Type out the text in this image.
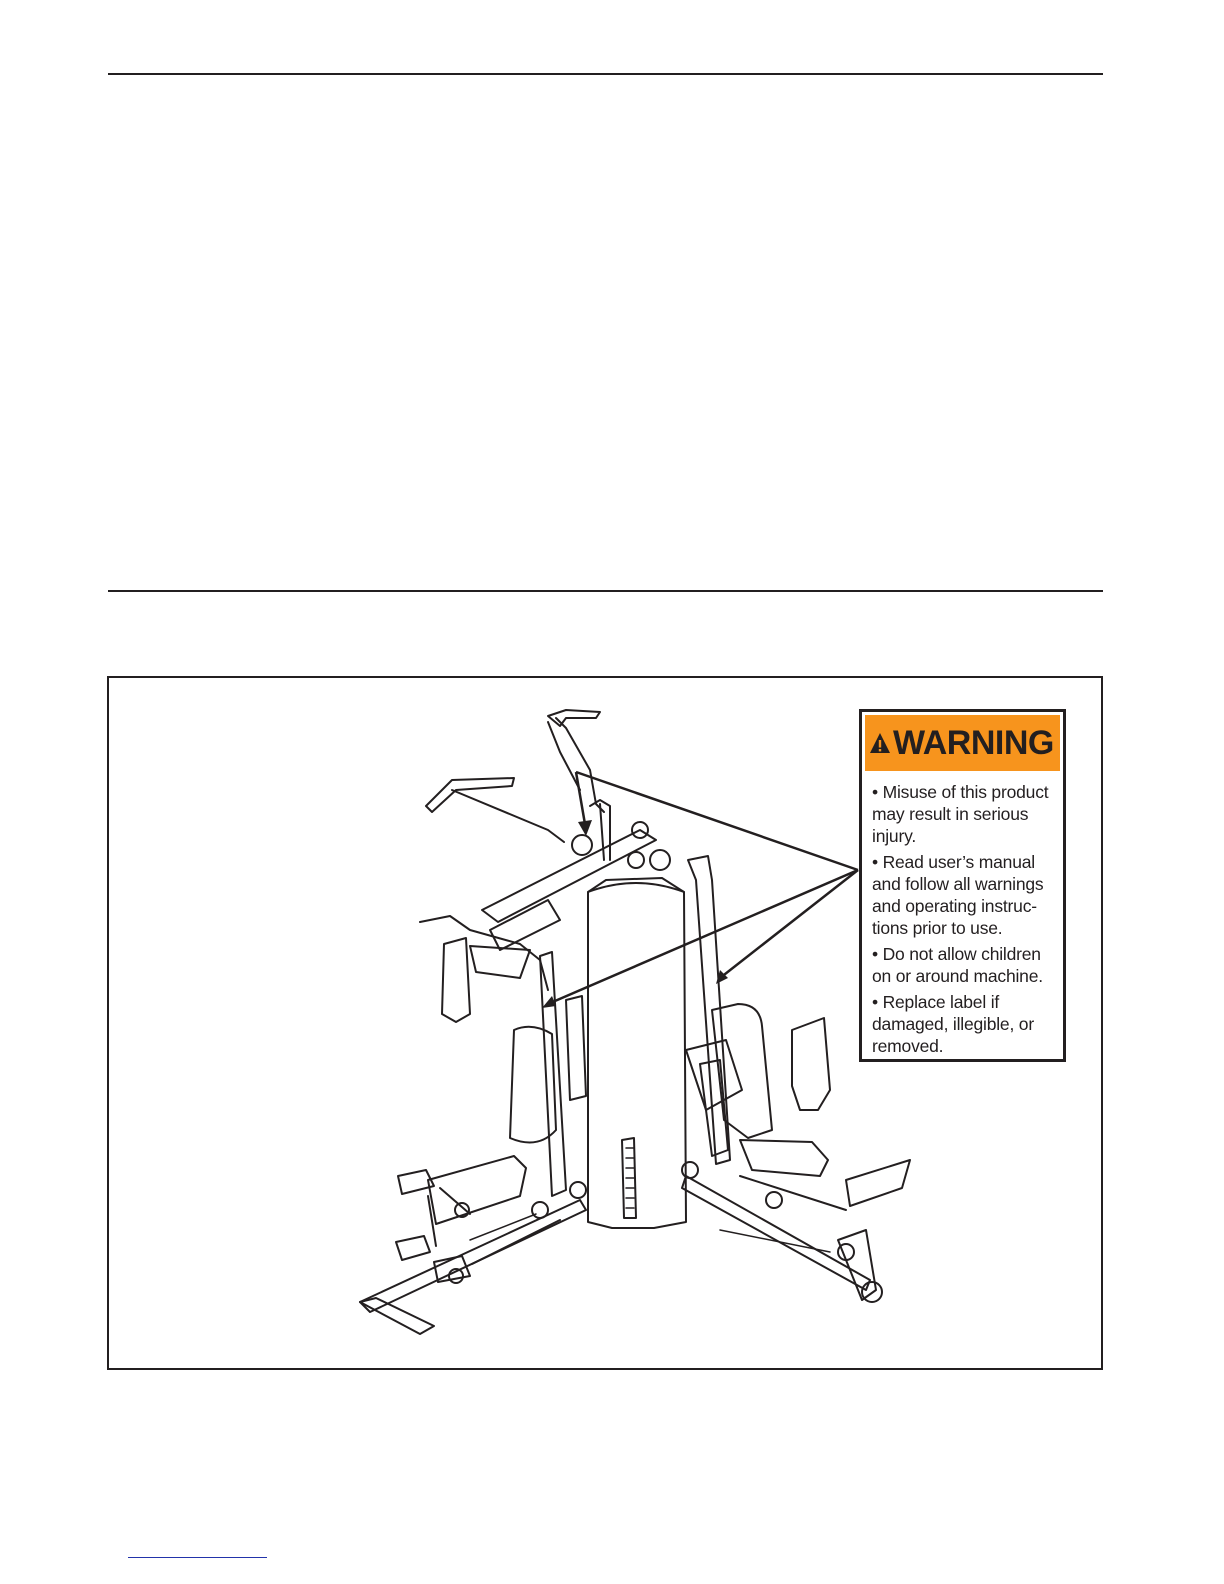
WARNING
• Misuse of this product may result in serious injury.
• Read user’s manual and follow all warnings and operating instruc-tions prior to use.
• Do not allow children on or around machine.
• Replace label if damaged, illegible, or removed.
